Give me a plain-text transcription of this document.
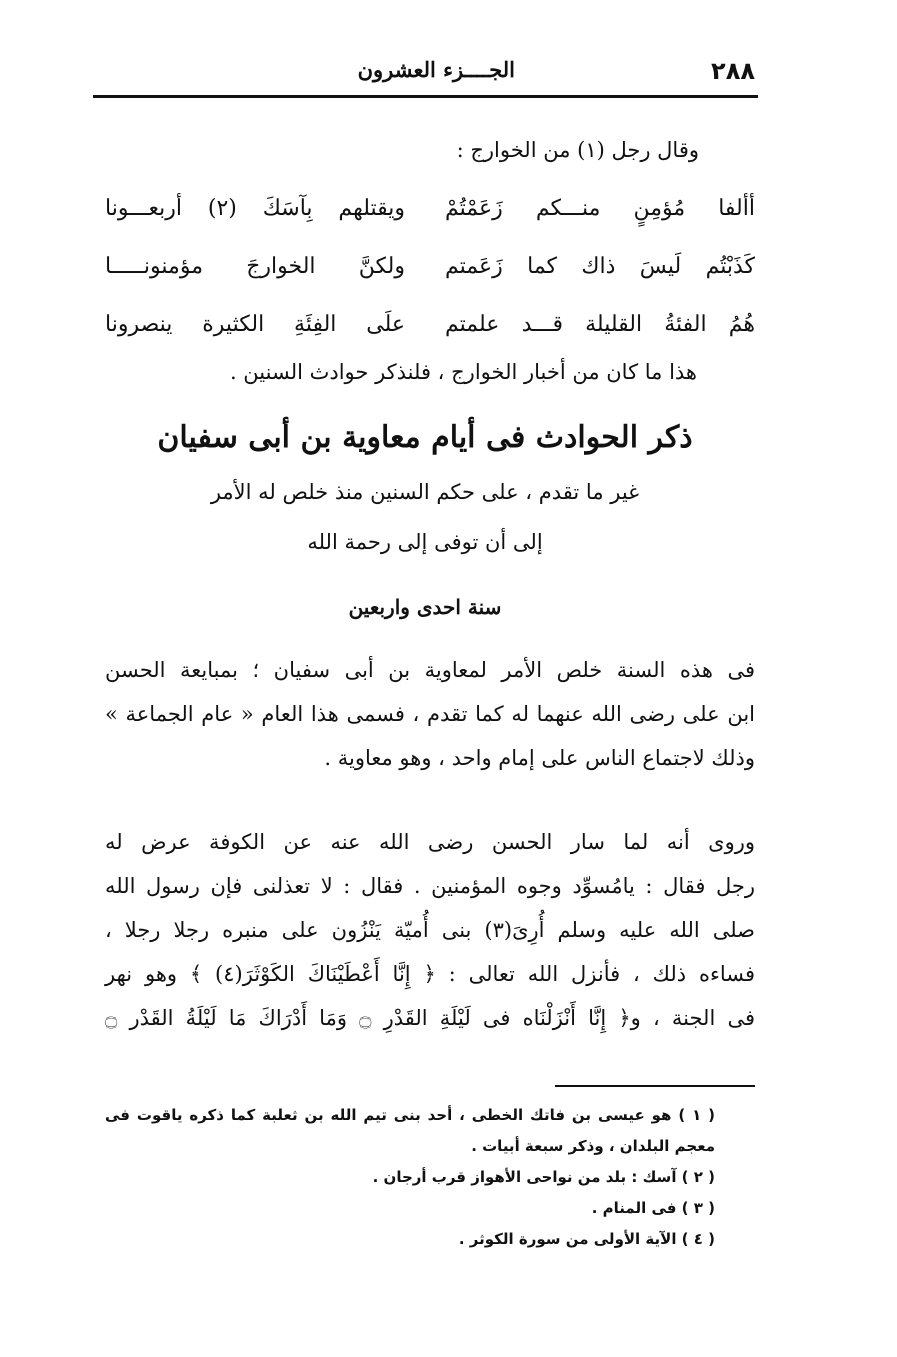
٢٨٨
الجــــزء العشرون
وقال رجل (١) من الخوارج :
أألفا مُؤمِنٍ منـــكم زَعَمْتُمْ
ويقتلهم بِآسَكَ (٢) أربعـــونا
كَذَبْتُم لَيسَ ذاك كما زَعَمتم
ولكنَّ الخوارجَ مؤمنونـــــا
هُمُ الفئةُ القليلة قـــد علمتم
علَى الفِئَةِ الكثيرة ينصرونا
هذا ما كان من أخبار الخوارج ، فلنذكر حوادث السنين .
ذكر الحوادث فى أيام معاوية بن أبى سفيان
غير ما تقدم ، على حكم السنين منذ خلص له الأمر
إلى أن توفى إلى رحمة الله
سنة احدى واربعين
فى هذه السنة خلص الأمر لمعاوية بن أبى سفيان ؛ بمبايعة الحسن
ابن على رضى الله عنهما له كما تقدم ، فسمى هذا العام « عام الجماعة »
وذلك لاجتماع الناس على إمام واحد ، وهو معاوية .
وروى أنه لما سار الحسن رضى الله عنه عن الكوفة عرض له
رجل فقال : يامُسوِّد وجوه المؤمنين . فقال : لا تعذلنى فإن رسول الله
صلى الله عليه وسلم أُرِىَ(٣) بنى أُميّة يَنْزُون على منبره رجلا رجلا ،
فساءه ذلك ، فأنزل الله تعالى : ﴿ إِنَّا أَعْطَيْنَاكَ الكَوْثَرَ(٤) ﴾ وهو نهر
فى الجنة ، و﴿ إِنَّا أَنْزَلْنَاه فى لَيْلَةِ القَدْرِ ۝ وَمَا أَدْرَاكَ مَا لَيْلَةُ القَدْر ۝
( ١ ) هو عيسى بن فاتك الخطى ، أحد بنى تيم الله بن ثعلبة كما ذكره ياقوت فى معجم البلدان ، وذكر سبعة أبيات .
( ٢ ) آسك : بلد من نواحى الأهواز قرب أرجان .
( ٣ ) فى المنام .
( ٤ ) الآية الأولى من سورة الكوثر .
